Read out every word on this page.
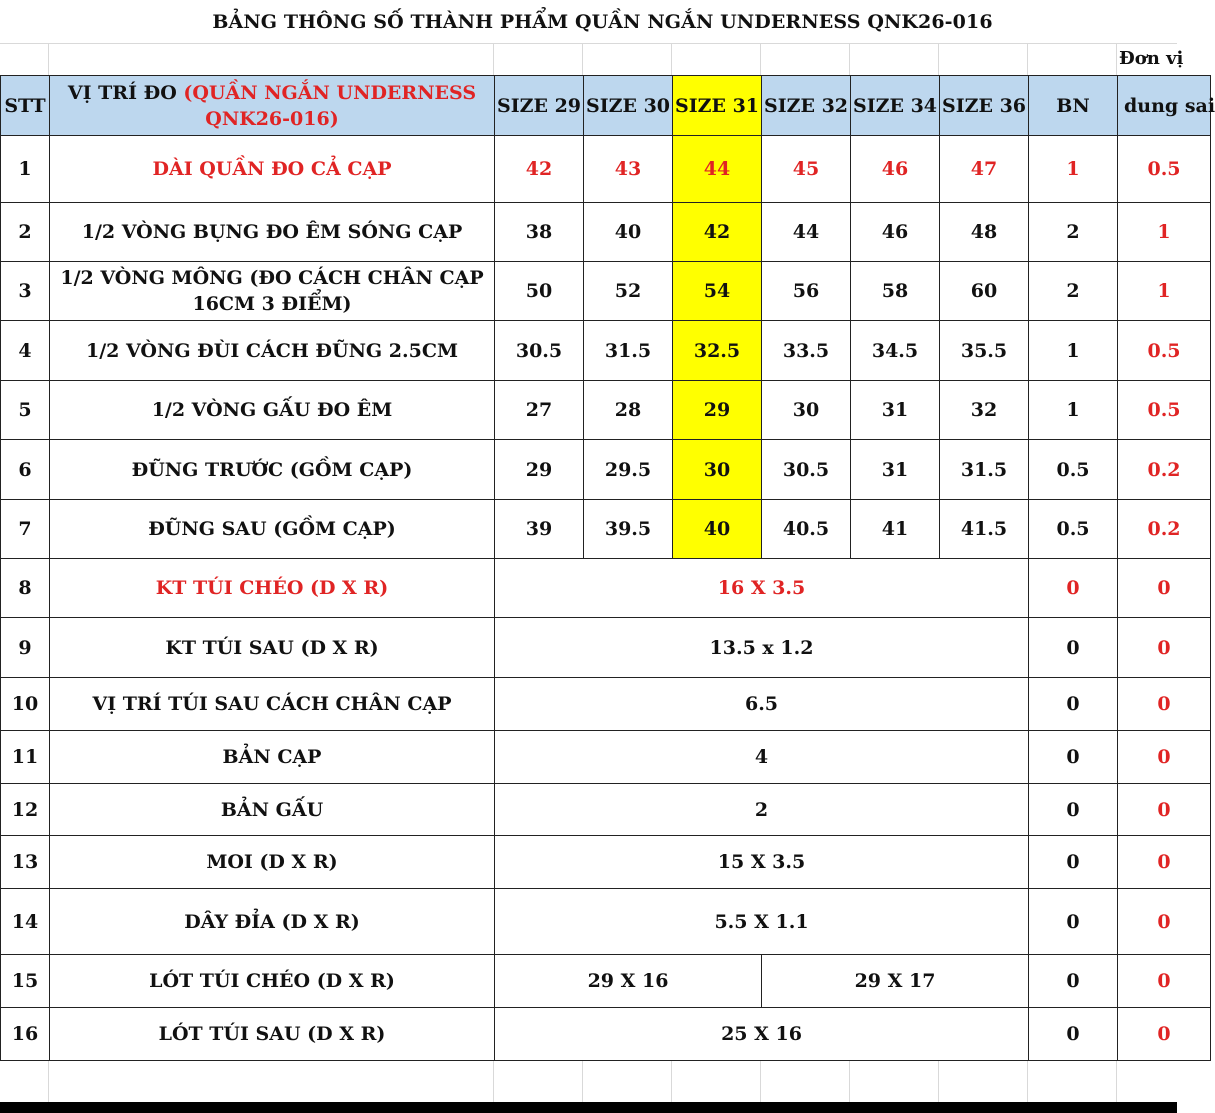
BẢNG THÔNG SỐ THÀNH PHẨM QUẦN NGẮN UNDERNESS QNK26-016
Đơn vị
STT	VỊ TRÍ ĐO (QUẦN NGẮN UNDERNESS QNK26-016)	SIZE 29	SIZE 30	SIZE 31	SIZE 32	SIZE 34	SIZE 36	BN	dung sai
1	DÀI QUẦN ĐO CẢ CẠP	42	43	44	45	46	47	1	0.5
2	1/2 VÒNG BỤNG ĐO ÊM SÓNG CẠP	38	40	42	44	46	48	2	1
3	1/2 VÒNG MÔNG (ĐO CÁCH CHÂN CẠP 16CM 3 ĐIỂM)	50	52	54	56	58	60	2	1
4	1/2 VÒNG ĐÙI CÁCH ĐŨNG 2.5CM	30.5	31.5	32.5	33.5	34.5	35.5	1	0.5
5	1/2 VÒNG GẤU ĐO ÊM	27	28	29	30	31	32	1	0.5
6	ĐŨNG TRƯỚC (GỒM CẠP)	29	29.5	30	30.5	31	31.5	0.5	0.2
7	ĐŨNG SAU (GỒM CẠP)	39	39.5	40	40.5	41	41.5	0.5	0.2
8	KT TÚI CHÉO (D X R)	16 X 3.5						0	0
9	KT TÚI SAU (D X R)	13.5 x 1.2						0	0
10	VỊ TRÍ TÚI SAU CÁCH CHÂN CẠP	6.5						0	0
11	BẢN CẠP	4						0	0
12	BẢN GẤU	2						0	0
13	MOI (D X R)	15 X 3.5						0	0
14	DÂY ĐỈA (D X R)	5.5 X 1.1						0	0
15	LÓT TÚI CHÉO (D X R)	29 X 16			29 X 17			0	0
16	LÓT TÚI SAU (D X R)	25 X 16						0	0
